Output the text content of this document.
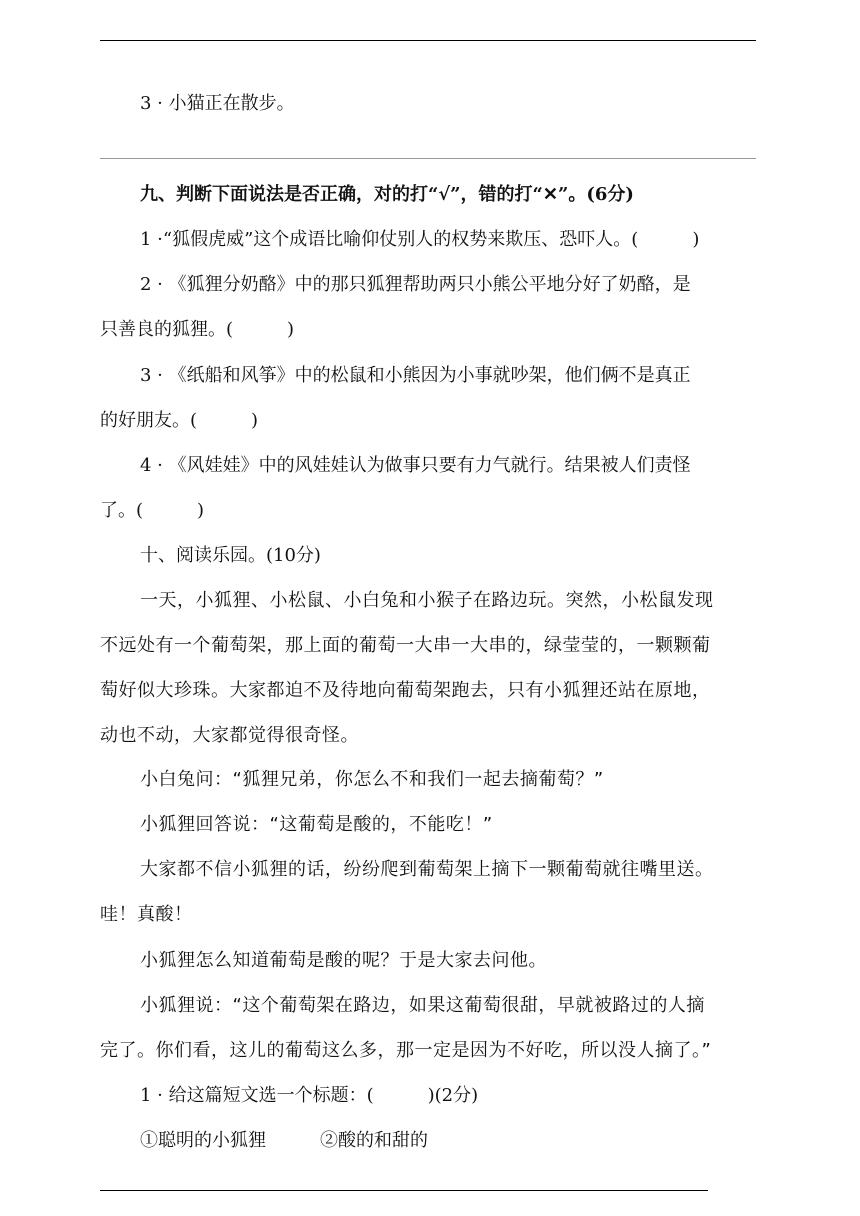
3 · 小猫正在散步。
九、判断下面说法是否正确，对的打“√”，错的打“✕”。(6分)
1 ·“狐假虎威”这个成语比喻仰仗别人的权势来欺压、恐吓人。(　　　)
2 · 《狐狸分奶酪》中的那只狐狸帮助两只小熊公平地分好了奶酪，是
只善良的狐狸。(　　　)
3 · 《纸船和风筝》中的松鼠和小熊因为小事就吵架，他们俩不是真正
的好朋友。(　　　)
4 · 《风娃娃》中的风娃娃认为做事只要有力气就行。结果被人们责怪
了。(　　　)
十、阅读乐园。(10分)
一天，小狐狸、小松鼠、小白兔和小猴子在路边玩。突然，小松鼠发现
不远处有一个葡萄架，那上面的葡萄一大串一大串的，绿莹莹的，一颗颗葡
萄好似大珍珠。大家都迫不及待地向葡萄架跑去，只有小狐狸还站在原地，
动也不动，大家都觉得很奇怪。
小白兔问：“狐狸兄弟，你怎么不和我们一起去摘葡萄？”
小狐狸回答说：“这葡萄是酸的，不能吃！”
大家都不信小狐狸的话，纷纷爬到葡萄架上摘下一颗葡萄就往嘴里送。
哇！真酸！
小狐狸怎么知道葡萄是酸的呢？于是大家去问他。
小狐狸说：“这个葡萄架在路边，如果这葡萄很甜，早就被路过的人摘
完了。你们看，这儿的葡萄这么多，那一定是因为不好吃，所以没人摘了。”
1 · 给这篇短文选一个标题：(　　　)(2分)
①聪明的小狐狸　　　②酸的和甜的
